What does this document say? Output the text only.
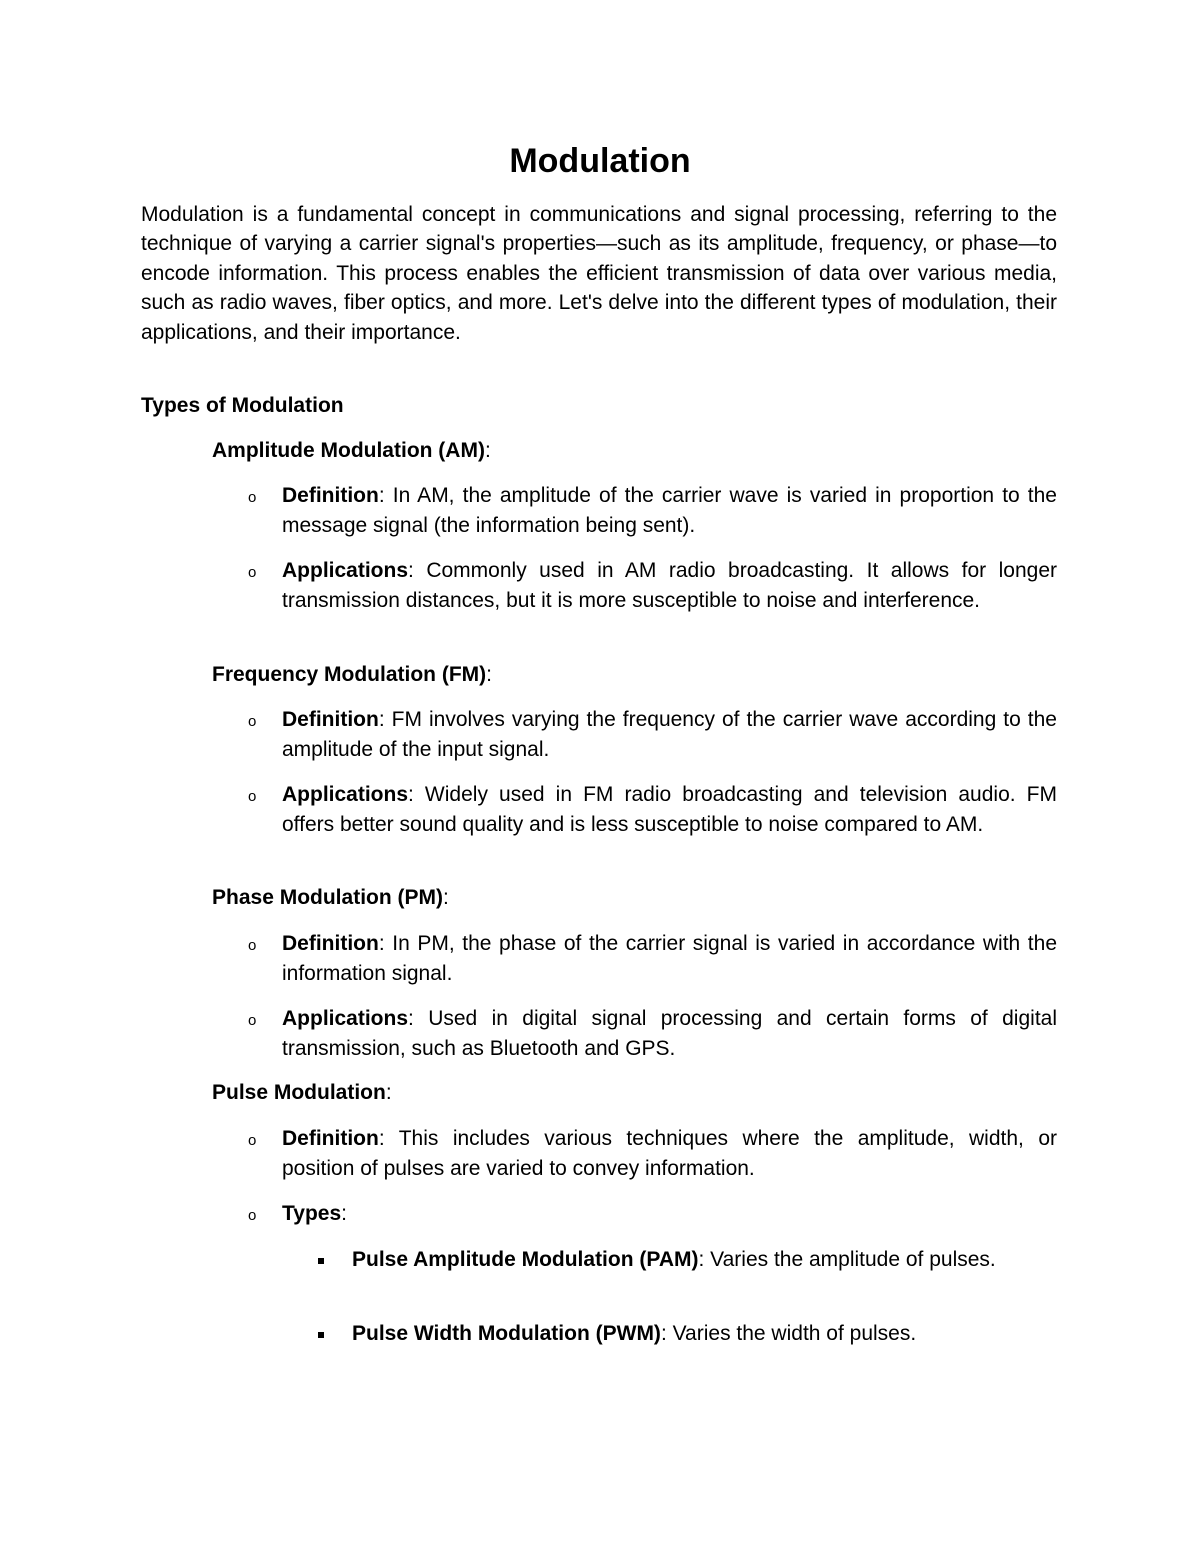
Modulation
Modulation is a fundamental concept in communications and signal processing, referring to the technique of varying a carrier signal's properties—such as its amplitude, frequency, or phase—to encode information. This process enables the efficient transmission of data over various media, such as radio waves, fiber optics, and more. Let's delve into the different types of modulation, their applications, and their importance.
Types of Modulation
Amplitude Modulation (AM):
o Definition: In AM, the amplitude of the carrier wave is varied in proportion to the message signal (the information being sent).
o Applications: Commonly used in AM radio broadcasting. It allows for longer transmission distances, but it is more susceptible to noise and interference.
Frequency Modulation (FM):
o Definition: FM involves varying the frequency of the carrier wave according to the amplitude of the input signal.
o Applications: Widely used in FM radio broadcasting and television audio. FM offers better sound quality and is less susceptible to noise compared to AM.
Phase Modulation (PM):
o Definition: In PM, the phase of the carrier signal is varied in accordance with the information signal.
o Applications: Used in digital signal processing and certain forms of digital transmission, such as Bluetooth and GPS.
Pulse Modulation:
o Definition: This includes various techniques where the amplitude, width, or position of pulses are varied to convey information.
o Types:
Pulse Amplitude Modulation (PAM): Varies the amplitude of pulses.
Pulse Width Modulation (PWM): Varies the width of pulses.
